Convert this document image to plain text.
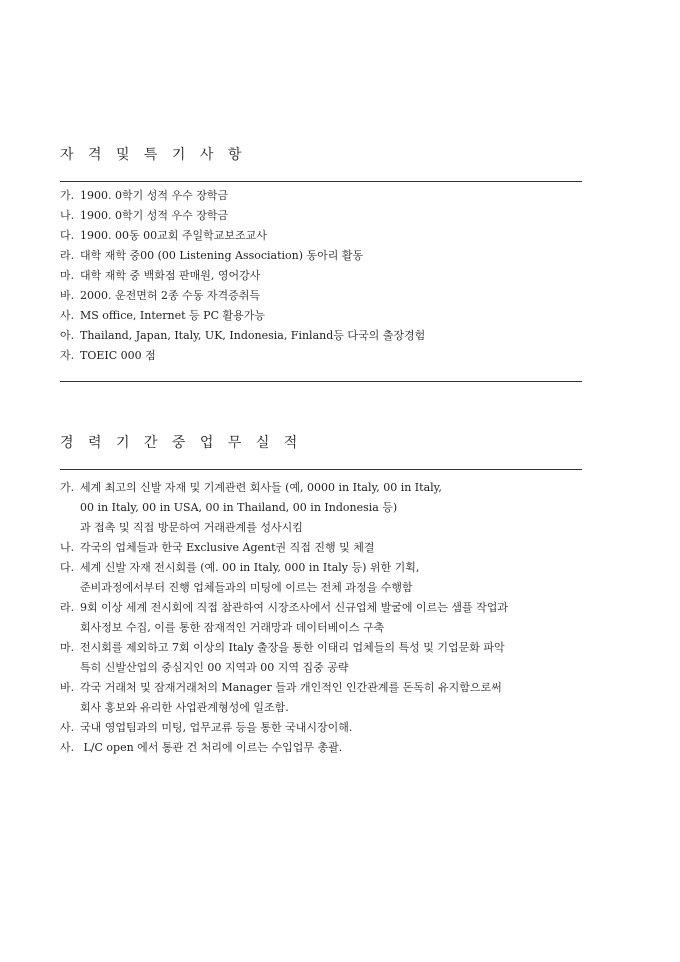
자 격 및 특 기 사 항
가. 1900. 0학기 성적 우수 장학금
나. 1900. 0학기 성적 우수 장학금
다. 1900. 00동 00교회 주일학교보조교사
라. 대학 재학 중00 (00 Listening Association) 동아리 활동
마. 대학 재학 중 백화점 판매원, 영어강사
바. 2000. 운전면허 2종 수동 자격증취득
사. MS office, Internet 등 PC 활용가능
아. Thailand, Japan, Italy, UK, Indonesia, Finland등 다국의 출장경험
자. TOEIC 000 점
경 력 기 간 중 업 무 실 적
가. 세계 최고의 신발 자재 및 기계관련 회사들 (예, 0000 in Italy, 00 in Italy,
00 in Italy, 00 in USA, 00 in Thailand, 00 in Indonesia 등)
과 접촉 및 직접 방문하여 거래관계를 성사시킴
나. 각국의 업체들과 한국 Exclusive Agent권 직접 진행 및 체결
다. 세계 신발 자재 전시회를 (예. 00 in Italy, 000 in Italy 등) 위한 기획,
준비과정에서부터 진행 업체들과의 미팅에 이르는 전체 과정을 수행함
라. 9회 이상 세계 전시회에 직접 참관하여 시장조사에서 신규업체 발굴에 이르는 샘플 작업과
회사정보 수집, 이를 통한 잠재적인 거래망과 데이터베이스 구축
마. 전시회를 제외하고 7회 이상의 Italy 출장을 통한 이태리 업체들의 특성 및 기업문화 파악
특히 신발산업의 중심지인 00 지역과 00 지역 집중 공략
바. 각국 거래처 및 잠재거래처의 Manager 들과 개인적인 인간관계를 돈독히 유지함으로써
회사 홍보와 유리한 사업관계형성에 일조함.
사. 국내 영업팀과의 미팅, 업무교류 등을 통한 국내시장이해.
사. L/C open 에서 통관 건 처리에 이르는 수입업무 총괄.
